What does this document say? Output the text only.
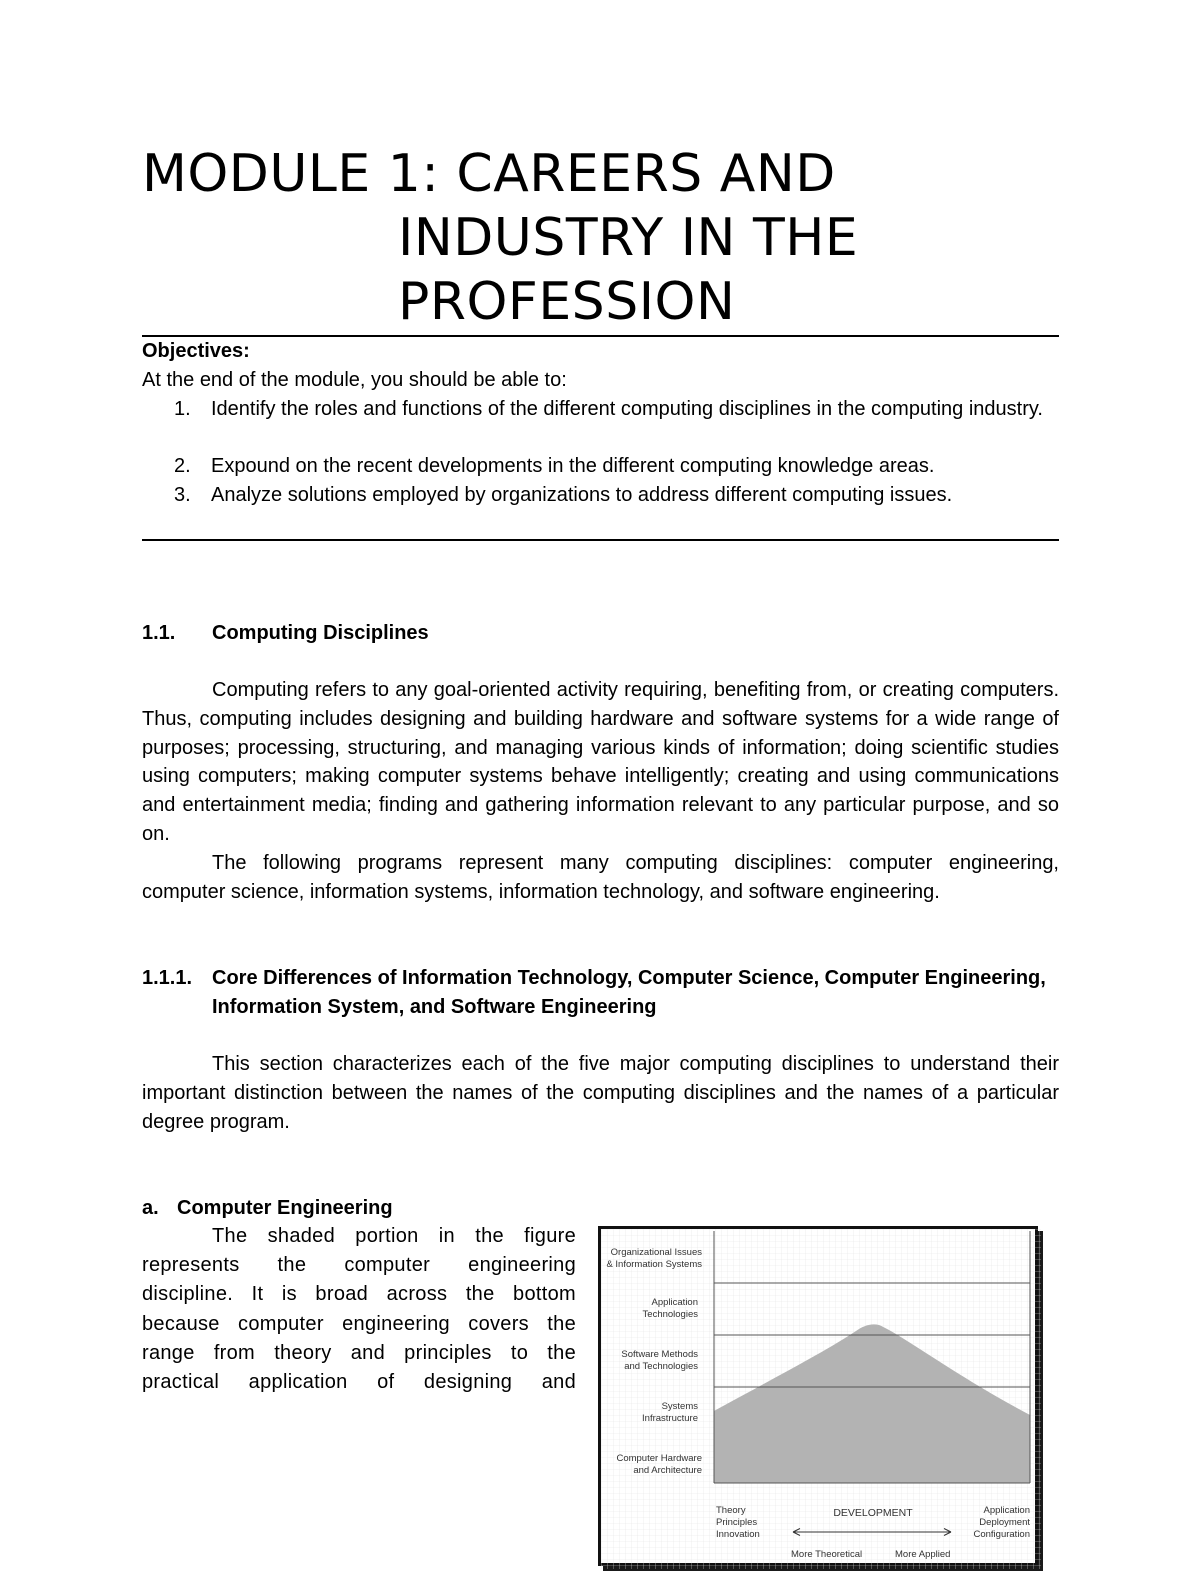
MODULE 1: CAREERS AND
INDUSTRY IN THE
PROFESSION
Objectives:
At the end of the module, you should be able to:
1.	Identify the roles and functions of the different computing disciplines in the computing industry.
2.	Expound on the recent developments in the different computing knowledge areas.
3.	Analyze solutions employed by organizations to address different computing issues.
1.1. Computing Disciplines

Computing refers to any goal-oriented activity requiring, benefiting from, or creating computers. Thus, computing includes designing and building hardware and software systems for a wide range of purposes; processing, structuring, and managing various kinds of information; doing scientific studies using computers; making computer systems behave intelligently; creating and using communications and entertainment media; finding and gathering information relevant to any particular purpose, and so on.

The following programs represent many computing disciplines: computer engineering, computer science, information systems, information technology, and software engineering.

1.1.1. Core Differences of Information Technology, Computer Science, Computer Engineering,
Information System, and Software Engineering

This section characterizes each of the five major computing disciplines to understand their important distinction between the names of the computing disciplines and the names of a particular degree program.

a. Computer Engineering

The shaded portion in the figure

represents the computer engineering

discipline. It is broad across the bottom

because computer engineering covers the

range from theory and principles to the

practical application of designing and

Organizational Issues
& Information Systems
Application
Technologies
Software Methods
and Technologies
Systems
Infrastructure
Computer Hardware
and Architecture
Theory
Principles
Innovation
DEVELOPMENT	Application
Deployment
Configuration
More Theoretical	More Applied
